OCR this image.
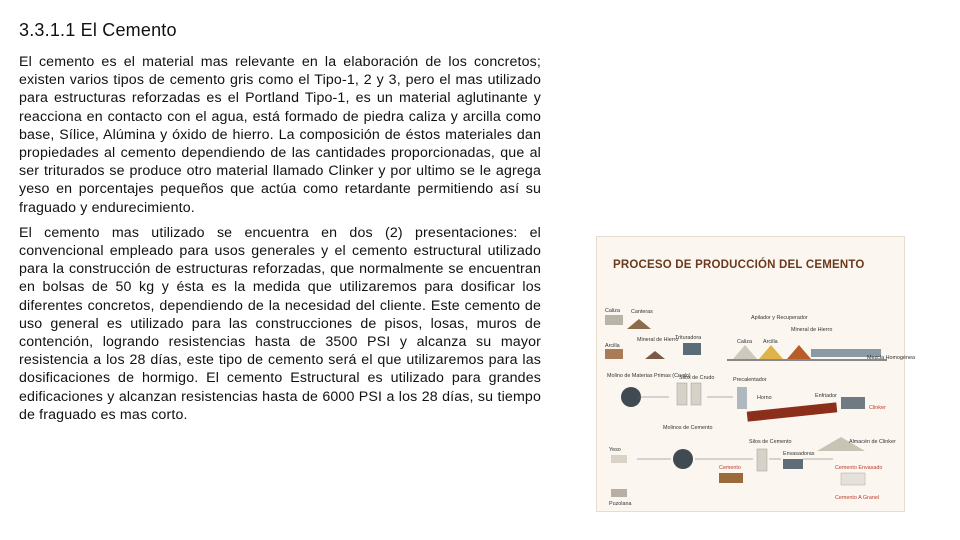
3.3.1.1 El Cemento

El cemento es el material mas relevante en la elaboración de los concretos; existen varios tipos de cemento gris como el Tipo-1, 2 y 3, pero el mas utilizado para estructuras reforzadas es el Portland Tipo-1, es un material aglutinante y reacciona en contacto con el agua, está formado de piedra caliza y arcilla como base, Sílice, Alúmina y óxido de hierro. La composición de éstos materiales dan propiedades al cemento dependiendo de las cantidades proporcionadas, que al ser triturados se produce otro material llamado Clinker y por ultimo se le agrega yeso en porcentajes pequeños que actúa como retardante permitiendo así su fraguado y endurecimiento.

El cemento mas utilizado se encuentra en dos (2) presentaciones: el convencional empleado para usos generales y el cemento estructural utilizado para la construcción de estructuras reforzadas, que normalmente se encuentran en bolsas de 50 kg y ésta es la medida que utilizaremos para dosificar los diferentes concretos, dependiendo de la necesidad del cliente. Este cemento de uso general es utilizado para las construcciones de pisos, losas, muros de contención, logrando resistencias hasta de 3500 PSI y alcanza su mayor resistencia a los 28 días, este tipo de cemento será el que utilizaremos para las dosificaciones de hormigo. El cemento Estructural es utilizado para grandes edificaciones y alcanzan resistencias hasta de 6000 PSI a los 28 días, su tiempo de fraguado es mas corto.

PROCESO DE PRODUCCIÓN DEL CEMENTO
Canteras
Caliza
Mineral de Hierro
Arcilla
Trituradora
Apilador y Recuperador
Caliza Arcilla
Mineral de Hierro
Mezcla Homogénea
Molino de Materias Primas (Crudo)
Silos de Crudo	Precalentador
Horno	Enfriador
Clinker
Molinos de Cemento
Silos de Cemento
Envasadoras
Almacén de Clinker
Yeso
Cemento	Cemento Envasado
Cemento A Granel
Puzolana
